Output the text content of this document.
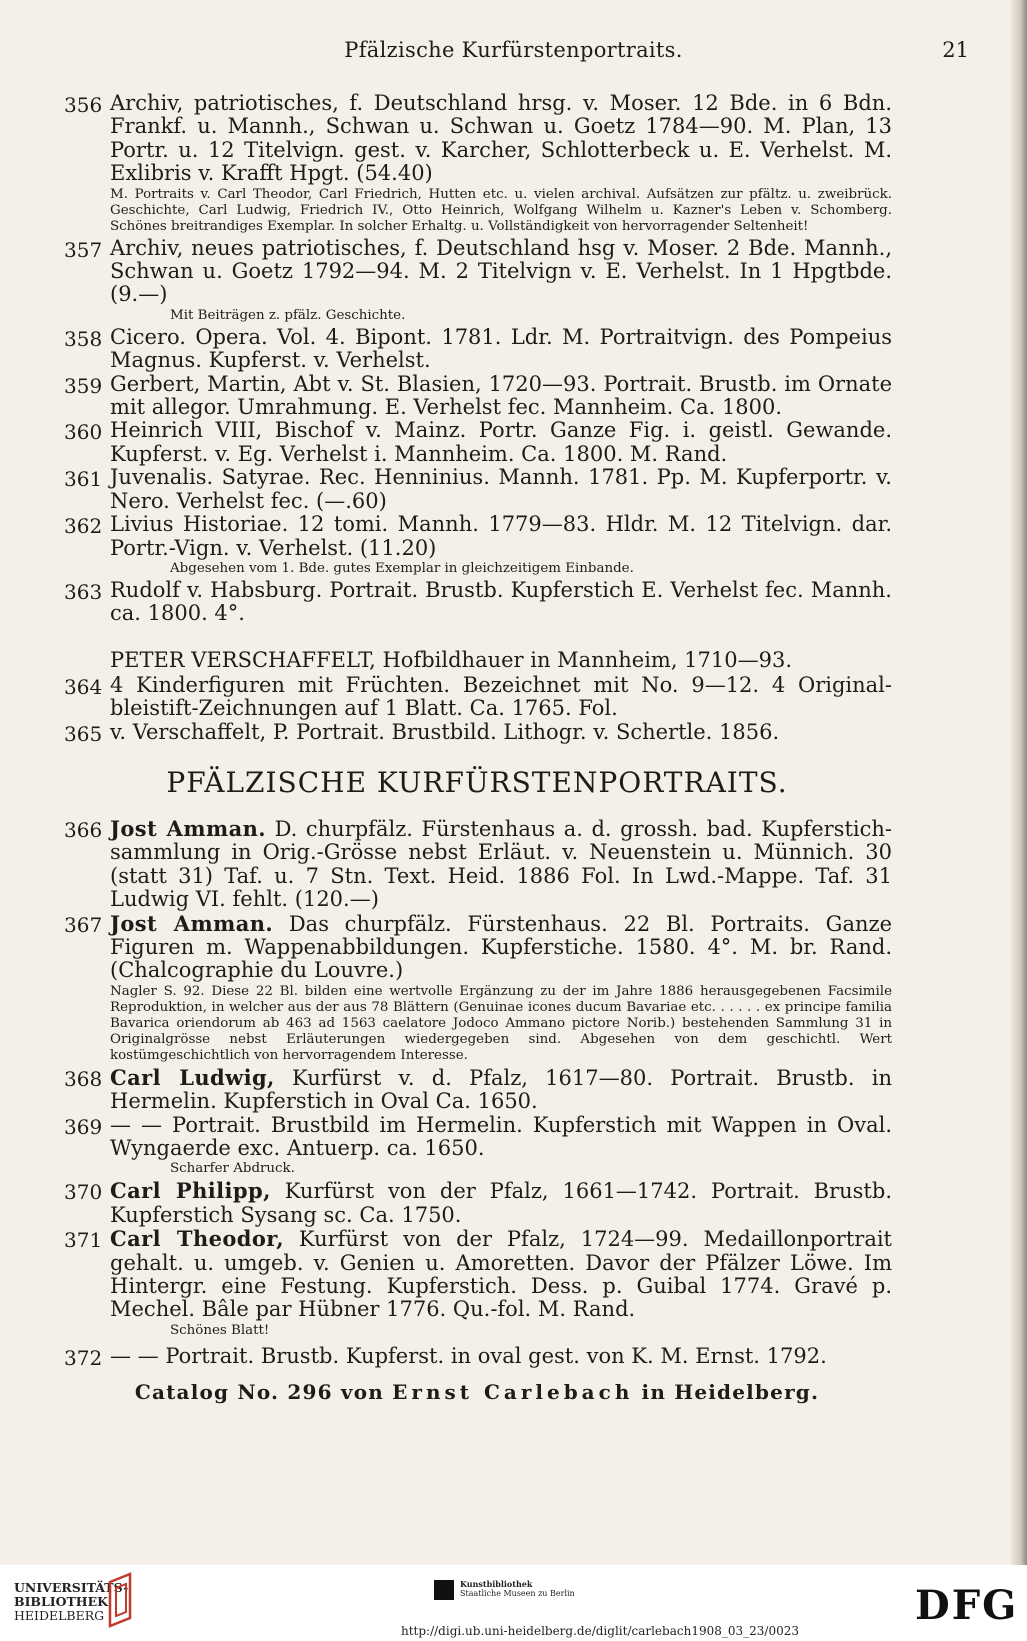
Pfälzische Kurfürstenportraits.	21
356 Archiv, patriotisches, f. Deutschland hrsg. v. Moser. 12 Bde. in 6 Bdn. Frankf. u. Mannh., Schwan u. Schwan u. Goetz 1784—90. M. Plan, 13 Portr. u. 12 Titelvign. gest. v. Karcher, Schlotterbeck u. E. Verhelst. M. Exlibris v. Krafft Hpgt. (54.40)
M. Portraits v. Carl Theodor, Carl Friedrich, Hutten etc. u. vielen archival. Aufsätzen zur pfältz. u. zweibrück. Geschichte, Carl Ludwig, Friedrich IV., Otto Heinrich, Wolfgang Wilhelm u. Kazner's Leben v. Schomberg. Schönes breitrandiges Exemplar. In solcher Erhaltg. u. Vollständigkeit von hervorragender Seltenheit!
357 Archiv, neues patriotisches, f. Deutschland hsg v. Moser. 2 Bde. Mannh., Schwan u. Goetz 1792—94. M. 2 Titelvign v. E. Verhelst. In 1 Hpgtbde. (9.—)
Mit Beiträgen z. pfälz. Geschichte.
358 Cicero. Opera. Vol. 4. Bipont. 1781. Ldr. M. Portraitvign. des Pompeius Magnus. Kupferst. v. Verhelst.
359 Gerbert, Martin, Abt v. St. Blasien, 1720—93. Portrait. Brustb. im Ornate mit allegor. Umrahmung. E. Verhelst fec. Mannheim. Ca. 1800.
360 Heinrich VIII, Bischof v. Mainz. Portr. Ganze Fig. i. geistl. Gewande. Kupferst. v. Eg. Verhelst i. Mannheim. Ca. 1800. M. Rand.
361 Juvenalis. Satyrae. Rec. Henninius. Mannh. 1781. Pp. M. Kupferportr. v. Nero. Verhelst fec. (—.60)
362 Livius Historiae. 12 tomi. Mannh. 1779—83. Hldr. M. 12 Titelvign. dar. Portr.-Vign. v. Verhelst. (11.20)
Abgesehen vom 1. Bde. gutes Exemplar in gleichzeitigem Einbande.
363 Rudolf v. Habsburg. Portrait. Brustb. Kupferstich E. Verhelst fec. Mannh. ca. 1800. 4°.
PETER VERSCHAFFELT, Hofbildhauer in Mannheim, 1710—93.
364 4 Kinderfiguren mit Früchten. Bezeichnet mit No. 9—12. 4 Original-bleistift-Zeichnungen auf 1 Blatt. Ca. 1765. Fol.
365 v. Verschaffelt, P. Portrait. Brustbild. Lithogr. v. Schertle. 1856.
PFÄLZISCHE KURFÜRSTENPORTRAITS.
366 Jost Amman. D. churpfälz. Fürstenhaus a. d. grossh. bad. Kupferstich-sammlung in Orig.-Grösse nebst Erläut. v. Neuenstein u. Münnich. 30 (statt 31) Taf. u. 7 Stn. Text. Heid. 1886 Fol. In Lwd.-Mappe. Taf. 31 Ludwig VI. fehlt. (120.—)
367 Jost Amman. Das churpfälz. Fürstenhaus. 22 Bl. Portraits. Ganze Figuren m. Wappenabbildungen. Kupferstiche. 1580. 4°. M. br. Rand. (Chalcographie du Louvre.)
Nagler S. 92. Diese 22 Bl. bilden eine wertvolle Ergänzung zu der im Jahre 1886 herausgegebenen Facsimile Reproduktion, in welcher aus der aus 78 Blättern (Genuinae icones ducum Bavariae etc. . . . . . ex principe familia Bavarica oriendorum ab 463 ad 1563 caelatore Jodoco Ammano pictore Norib.) bestehenden Sammlung 31 in Originalgrösse nebst Erläuterungen wiedergegeben sind. Abgesehen von dem geschichtl. Wert kostümgeschichtlich von hervorragendem Interesse.
368 Carl Ludwig, Kurfürst v. d. Pfalz, 1617—80. Portrait. Brustb. in Hermelin. Kupferstich in Oval Ca. 1650.
369 — — Portrait. Brustbild im Hermelin. Kupferstich mit Wappen in Oval. Wyngaerde exc. Antuerp. ca. 1650.
Scharfer Abdruck.
370 Carl Philipp, Kurfürst von der Pfalz, 1661—1742. Portrait. Brustb. Kupferstich Sysang sc. Ca. 1750.
371 Carl Theodor, Kurfürst von der Pfalz, 1724—99. Medaillonportrait gehalt. u. umgeb. v. Genien u. Amoretten. Davor der Pfälzer Löwe. Im Hintergr. eine Festung. Kupferstich. Dess. p. Guibal 1774. Gravé p. Mechel. Bâle par Hübner 1776. Qu.-fol. M. Rand.
Schönes Blatt!
372 — — Portrait. Brustb. Kupferst. in oval gest. von K. M. Ernst. 1792.
Catalog No. 296 von Ernst Carlebach in Heidelberg.
UNIVERSITÄTS-
BIBLIOTHEK
HEIDELBERG
Kunstbibliothek
Staatliche Museen zu Berlin	DFG
http://digi.ub.uni-heidelberg.de/diglit/carlebach1908_03_23/0023
